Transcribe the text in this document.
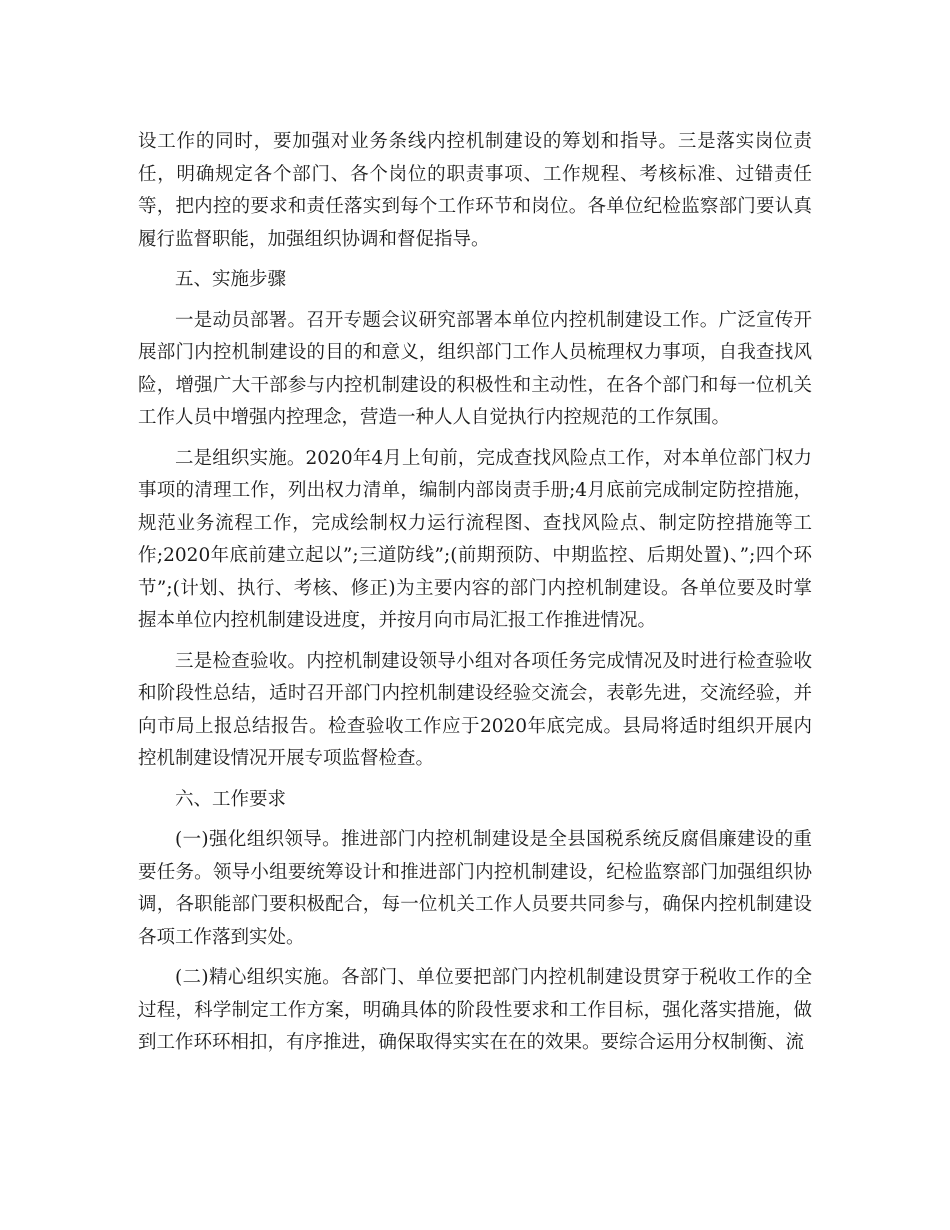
设工作的同时，要加强对业务条线内控机制建设的筹划和指导。三是落实岗位责任，明确规定各个部门、各个岗位的职责事项、工作规程、考核标准、过错责任等，把内控的要求和责任落实到每个工作环节和岗位。各单位纪检监察部门要认真履行监督职能，加强组织协调和督促指导。

五、实施步骤

一是动员部署。召开专题会议研究部署本单位内控机制建设工作。广泛宣传开展部门内控机制建设的目的和意义，组织部门工作人员梳理权力事项，自我查找风险，增强广大干部参与内控机制建设的积极性和主动性，在各个部门和每一位机关工作人员中增强内控理念，营造一种人人自觉执行内控规范的工作氛围。

二是组织实施。2020年4月上旬前，完成查找风险点工作，对本单位部门权力事项的清理工作，列出权力清单，编制内部岗责手册;4月底前完成制定防控措施，规范业务流程工作，完成绘制权力运行流程图、查找风险点、制定防控措施等工作;2020年底前建立起以”;三道防线”;(前期预防、中期监控、后期处置)、”;四个环节”;(计划、执行、考核、修正)为主要内容的部门内控机制建设。各单位要及时掌握本单位内控机制建设进度，并按月向市局汇报工作推进情况。

三是检查验收。内控机制建设领导小组对各项任务完成情况及时进行检查验收和阶段性总结，适时召开部门内控机制建设经验交流会，表彰先进，交流经验，并向市局上报总结报告。检查验收工作应于2020年底完成。县局将适时组织开展内控机制建设情况开展专项监督检查。

六、工作要求

(一)强化组织领导。推进部门内控机制建设是全县国税系统反腐倡廉建设的重要任务。领导小组要统筹设计和推进部门内控机制建设，纪检监察部门加强组织协调，各职能部门要积极配合，每一位机关工作人员要共同参与，确保内控机制建设各项工作落到实处。

(二)精心组织实施。各部门、单位要把部门内控机制建设贯穿于税收工作的全过程，科学制定工作方案，明确具体的阶段性要求和工作目标，强化落实措施，做到工作环环相扣，有序推进，确保取得实实在在的效果。要综合运用分权制衡、流
